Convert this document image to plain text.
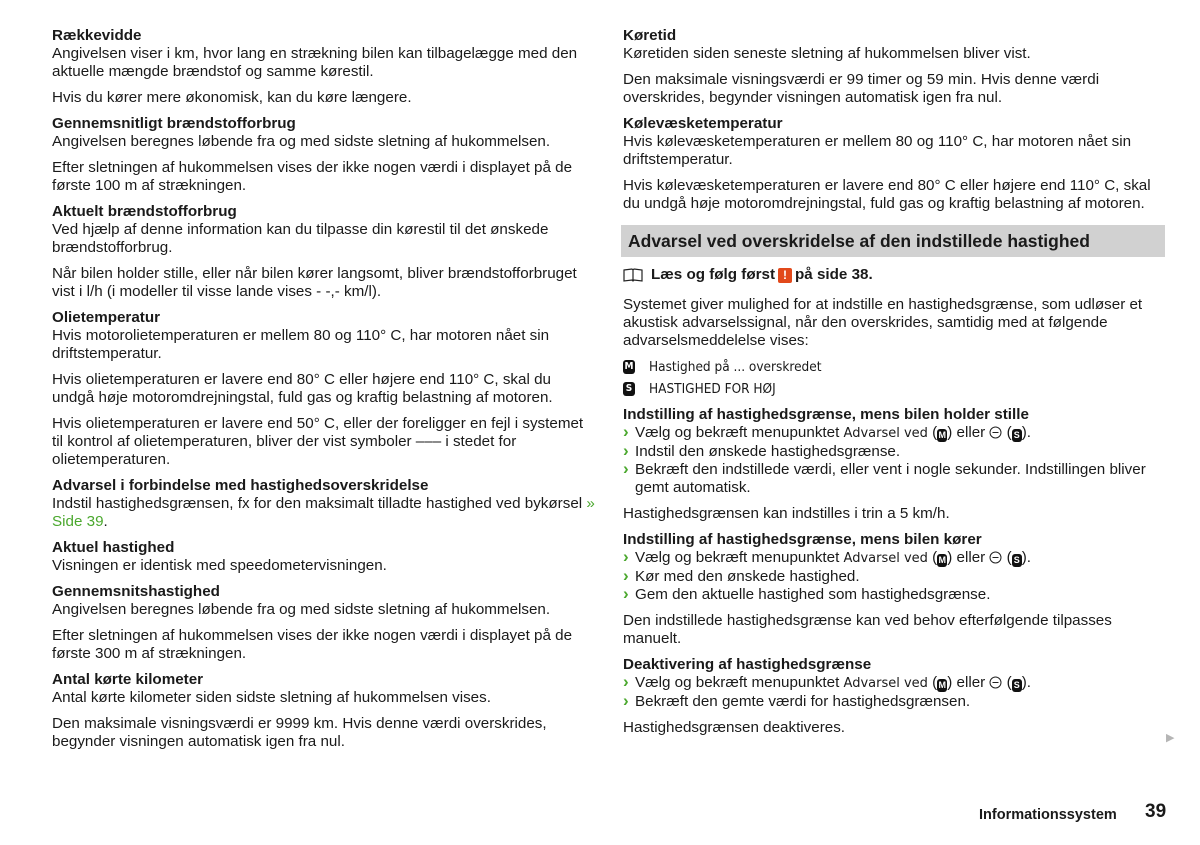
Rækkevidde

Angivelsen viser i km, hvor lang en strækning bilen kan tilbagelægge med den aktuelle mængde brændstof og samme kørestil.

Hvis du kører mere økonomisk, kan du køre længere.

Gennemsnitligt brændstofforbrug

Angivelsen beregnes løbende fra og med sidste sletning af hukommelsen.

Efter sletningen af hukommelsen vises der ikke nogen værdi i displayet på de første 100 m af strækningen.

Aktuelt brændstofforbrug

Ved hjælp af denne information kan du tilpasse din kørestil til det ønskede brændstofforbrug.

Når bilen holder stille, eller når bilen kører langsomt, bliver brændstofforbruget vist i l/h (i modeller til visse lande vises - -,- km/l).

Olietemperatur

Hvis motorolietemperaturen er mellem 80 og 110° C, har motoren nået sin driftstemperatur.

Hvis olietemperaturen er lavere end 80° C eller højere end 110° C, skal du undgå høje motoromdrejningstal, fuld gas og kraftig belastning af motoren.

Hvis olietemperaturen er lavere end 50° C, eller der foreligger en fejl i systemet til kontrol af olietemperaturen, bliver der vist symboler ––– i stedet for olietemperaturen.

Advarsel i forbindelse med hastighedsoverskridelse

Indstil hastighedsgrænsen, fx for den maksimalt tilladte hastighed ved bykørsel » Side 39.

Aktuel hastighed

Visningen er identisk med speedometervisningen.

Gennemsnitshastighed

Angivelsen beregnes løbende fra og med sidste sletning af hukommelsen.

Efter sletningen af hukommelsen vises der ikke nogen værdi i displayet på de første 300 m af strækningen.

Antal kørte kilometer

Antal kørte kilometer siden sidste sletning af hukommelsen vises.

Den maksimale visningsværdi er 9999 km. Hvis denne værdi overskrides, begynder visningen automatisk igen fra nul.

Køretid

Køretiden siden seneste sletning af hukommelsen bliver vist.

Den maksimale visningsværdi er 99 timer og 59 min. Hvis denne værdi overskrides, begynder visningen automatisk igen fra nul.

Kølevæsketemperatur

Hvis kølevæsketemperaturen er mellem 80 og 110° C, har motoren nået sin driftstemperatur.

Hvis kølevæsketemperaturen er lavere end 80° C eller højere end 110° C, skal du undgå høje motoromdrejningstal, fuld gas og kraftig belastning af motoren.

Advarsel ved overskridelse af den indstillede hastighed
Læs og følg først ! på side 38.

Systemet giver mulighed for at indstille en hastighedsgrænse, som udløser et akustisk advarselssignal, når den overskrides, samtidig med at følgende advarselsmeddelelse vises:

M Hastighed på ... overskredet
S HASTIGHED FOR HØJ
Indstilling af hastighedsgrænse, mens bilen holder stille
› Vælg og bekræft menupunktet Advarsel ved (M) eller  ( S ).
› Indstil den ønskede hastighedsgrænse.
› Bekræft den indstillede værdi, eller vent i nogle sekunder. Indstillingen bliver gemt automatisk.

Hastighedsgrænsen kan indstilles i trin a 5 km/h.

Indstilling af hastighedsgrænse, mens bilen kører
› Vælg og bekræft menupunktet Advarsel ved (M) eller  ( S ).
› Kør med den ønskede hastighed.
› Gem den aktuelle hastighed som hastighedsgrænse.

Den indstillede hastighedsgrænse kan ved behov efterfølgende tilpasses manuelt.

Deaktivering af hastighedsgrænse
› Vælg og bekræft menupunktet Advarsel ved (M) eller  ( S ).
› Bekræft den gemte værdi for hastighedsgrænsen.

Hastighedsgrænsen deaktiveres.

▶
Informationssystem 39
